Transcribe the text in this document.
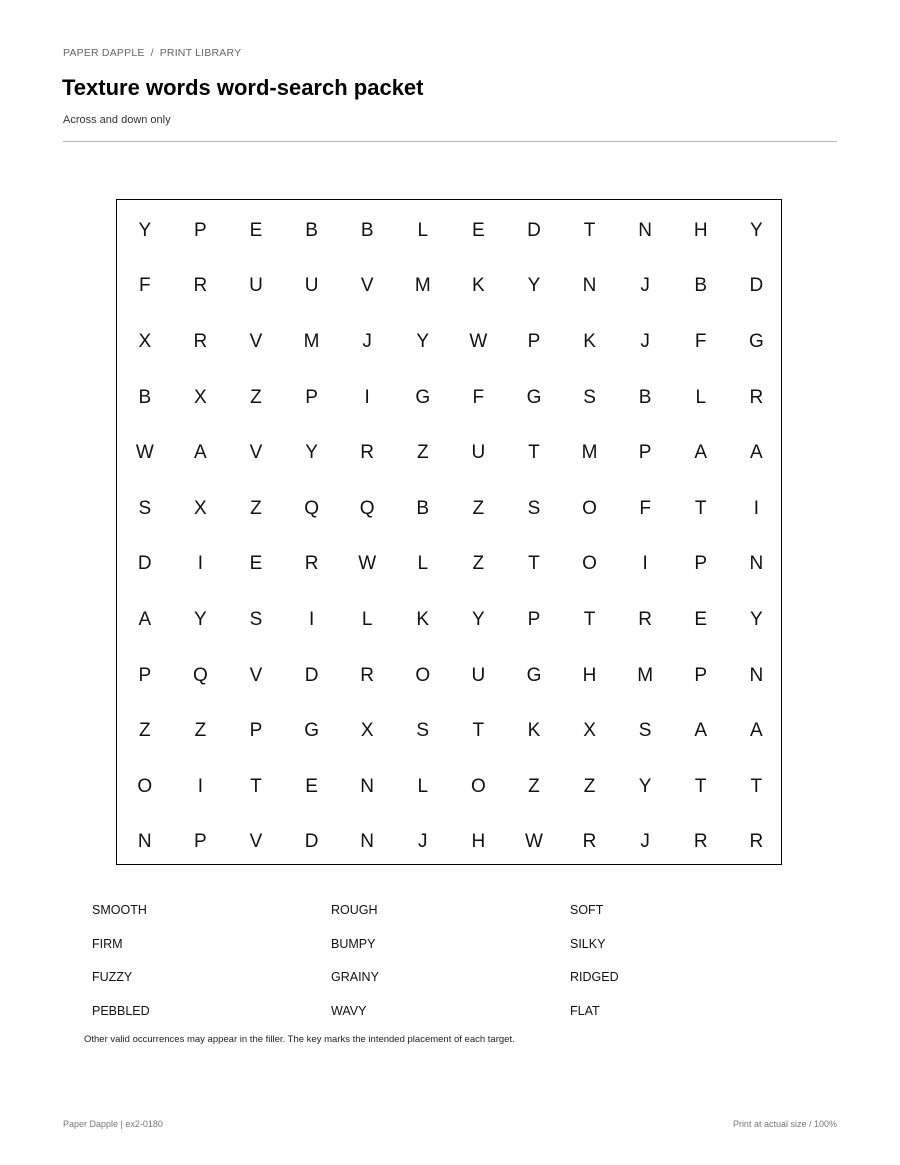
PAPER DAPPLE / PRINT LIBRARY
Texture words word-search packet
Across and down only
Y	P	E	B	B	L	E	D	T	N	H	Y
F	R	U	U	V	M	K	Y	N	J	B	D
X	R	V	M	J	Y	W	P	K	J	F	G
B	X	Z	P	I	G	F	G	S	B	L	R
W	A	V	Y	R	Z	U	T	M	P	A	A
S	X	Z	Q	Q	B	Z	S	O	F	T	I
D	I	E	R	W	L	Z	T	O	I	P	N
A	Y	S	I	L	K	Y	P	T	R	E	Y
P	Q	V	D	R	O	U	G	H	M	P	N
Z	Z	P	G	X	S	T	K	X	S	A	A
O	I	T	E	N	L	O	Z	Z	Y	T	T
N	P	V	D	N	J	H	W	R	J	R	R
SMOOTH	ROUGH	SOFT
FIRM	BUMPY	SILKY
FUZZY	GRAINY	RIDGED
PEBBLED	WAVY	FLAT
Other valid occurrences may appear in the filler. The key marks the intended placement of each target.
Paper Dapple | ex2-0180	Print at actual size / 100%
